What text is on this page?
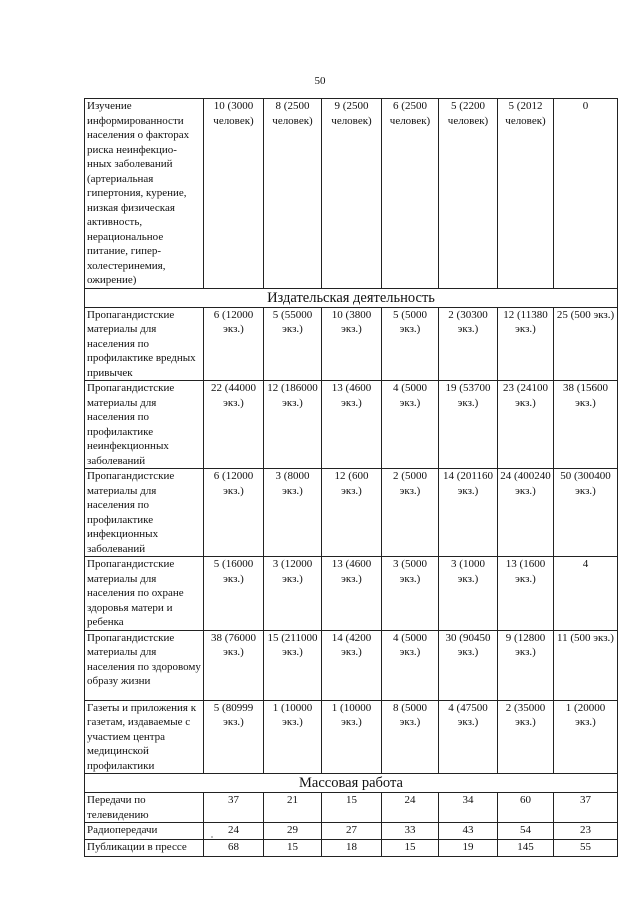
50
Изучение информированности населения о факторах риска неинфекцио-нных заболеваний (артериальная гипертония, курение, низкая физическая активность, нерациональное питание, гипер-холестеринемия, ожирение)	10 (3000 человек)	8 (2500 человек)	9 (2500 человек)	6 (2500 человек)	5 (2200 человек)	5 (2012 человек)	0
Издательская деятельность							
Пропагандистские материалы для населения по профилактике вредных привычек	6 (12000 экз.)	5 (55000 экз.)	10 (3800 экз.)	5 (5000 экз.)	2 (30300 экз.)	12 (11380 экз.)	25 (500 экз.)
Пропагандистские материалы для населения по профилактике неинфекционных заболеваний	22 (44000 экз.)	12 (186000 экз.)	13 (4600 экз.)	4 (5000 экз.)	19 (53700 экз.)	23 (24100 экз.)	38 (15600 экз.)
Пропагандистские материалы для населения по профилактике инфекционных заболеваний	6 (12000 экз.)	3 (8000 экз.)	12 (600 экз.)	2 (5000 экз.)	14 (201160 экз.)	24 (400240 экз.)	50 (300400 экз.)
Пропагандистские материалы для населения по охране здоровья матери и ребенка	5 (16000 экз.)	3 (12000 экз.)	13 (4600 экз.)	3 (5000 экз.)	3 (1000 экз.)	13 (1600 экз.)	4
Пропагандистские материалы для населения по здоровому образу жизни	38 (76000 экз.)	15 (211000 экз.)	14 (4200 экз.)	4 (5000 экз.)	30 (90450 экз.)	9 (12800 экз.)	11 (500 экз.)
Газеты и приложения к газетам, издаваемые с участием центра медицинской профилактики	5 (80999 экз.)	1 (10000 экз.)	1 (10000 экз.)	8 (5000 экз.)	4 (47500 экз.)	2 (35000 экз.)	1 (20000 экз.)
Массовая работа							
Передачи по телевидению	37	21	15	24	34	60	37
Радиопередачи	24	29	27	33	43	54	23
Публикации в прессе	68	15	18	15	19	145	55
